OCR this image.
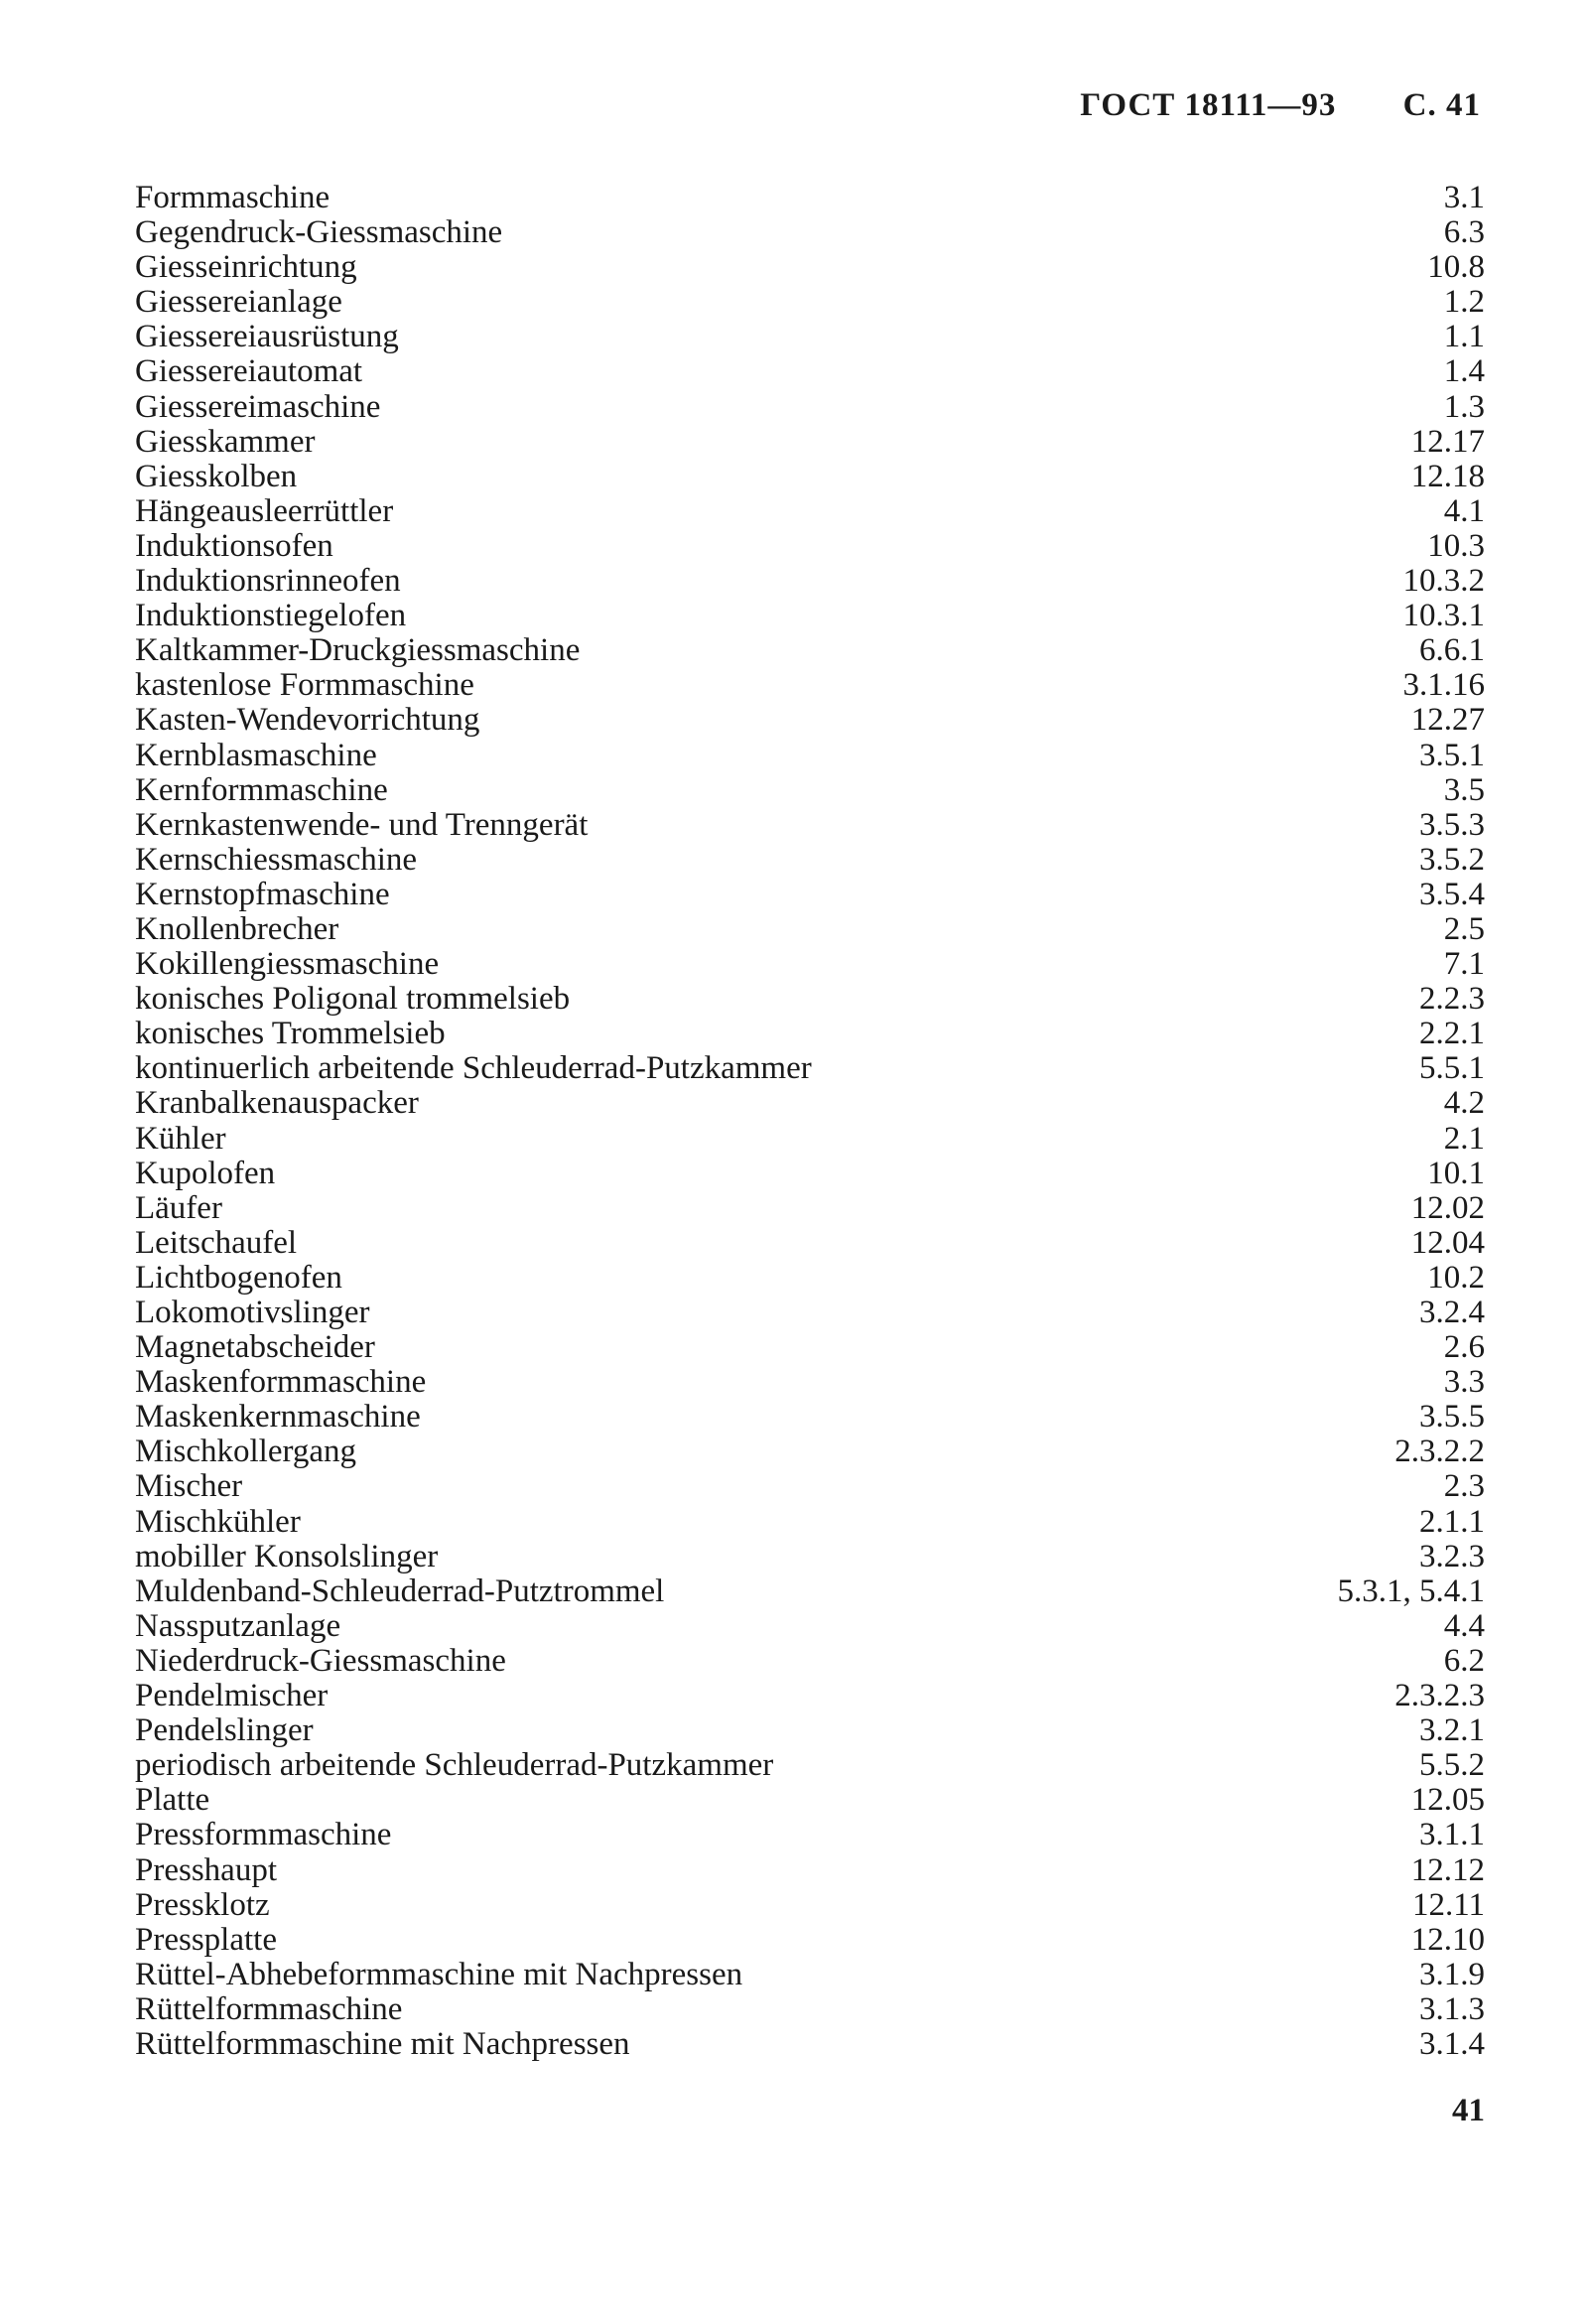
ГОСТ 18111—93 С. 41
Formmaschine	3.1
Gegendruck-Giessmaschine	6.3
Giesseinrichtung	10.8
Giessereianlage	1.2
Giessereiausrüstung	1.1
Giessereiautomat	1.4
Giessereimaschine	1.3
Giesskammer	12.17
Giesskolben	12.18
Hängeausleerrüttler	4.1
Induktionsofen	10.3
Induktionsrinneofen	10.3.2
Induktionstiegelofen	10.3.1
Kaltkammer-Druckgiessmaschine	6.6.1
kastenlose Formmaschine	3.1.16
Kasten-Wendevorrichtung	12.27
Kernblasmaschine	3.5.1
Kernformmaschine	3.5
Kernkastenwende- und Trenngerät	3.5.3
Kernschiessmaschine	3.5.2
Kernstopfmaschine	3.5.4
Knollenbrecher	2.5
Kokillengiessmaschine	7.1
konisches Poligonal trommelsieb	2.2.3
konisches Trommelsieb	2.2.1
kontinuerlich arbeitende Schleuderrad-Putzkammer	5.5.1
Kranbalkenauspacker	4.2
Kühler	2.1
Kupolofen	10.1
Läufer	12.02
Leitschaufel	12.04
Lichtbogenofen	10.2
Lokomotivslinger	3.2.4
Magnetabscheider	2.6
Maskenformmaschine	3.3
Maskenkernmaschine	3.5.5
Mischkollergang	2.3.2.2
Mischer	2.3
Mischkühler	2.1.1
mobiller Konsolslinger	3.2.3
Muldenband-Schleuderrad-Putztrommel	5.3.1, 5.4.1
Nassputzanlage	4.4
Niederdruck-Giessmaschine	6.2
Pendelmischer	2.3.2.3
Pendelslinger	3.2.1
periodisch arbeitende Schleuderrad-Putzkammer	5.5.2
Platte	12.05
Pressformmaschine	3.1.1
Presshaupt	12.12
Pressklotz	12.11
Pressplatte	12.10
Rüttel-Abhebeformmaschine mit Nachpressen	3.1.9
Rüttelformmaschine	3.1.3
Rüttelformmaschine mit Nachpressen	3.1.4
41
